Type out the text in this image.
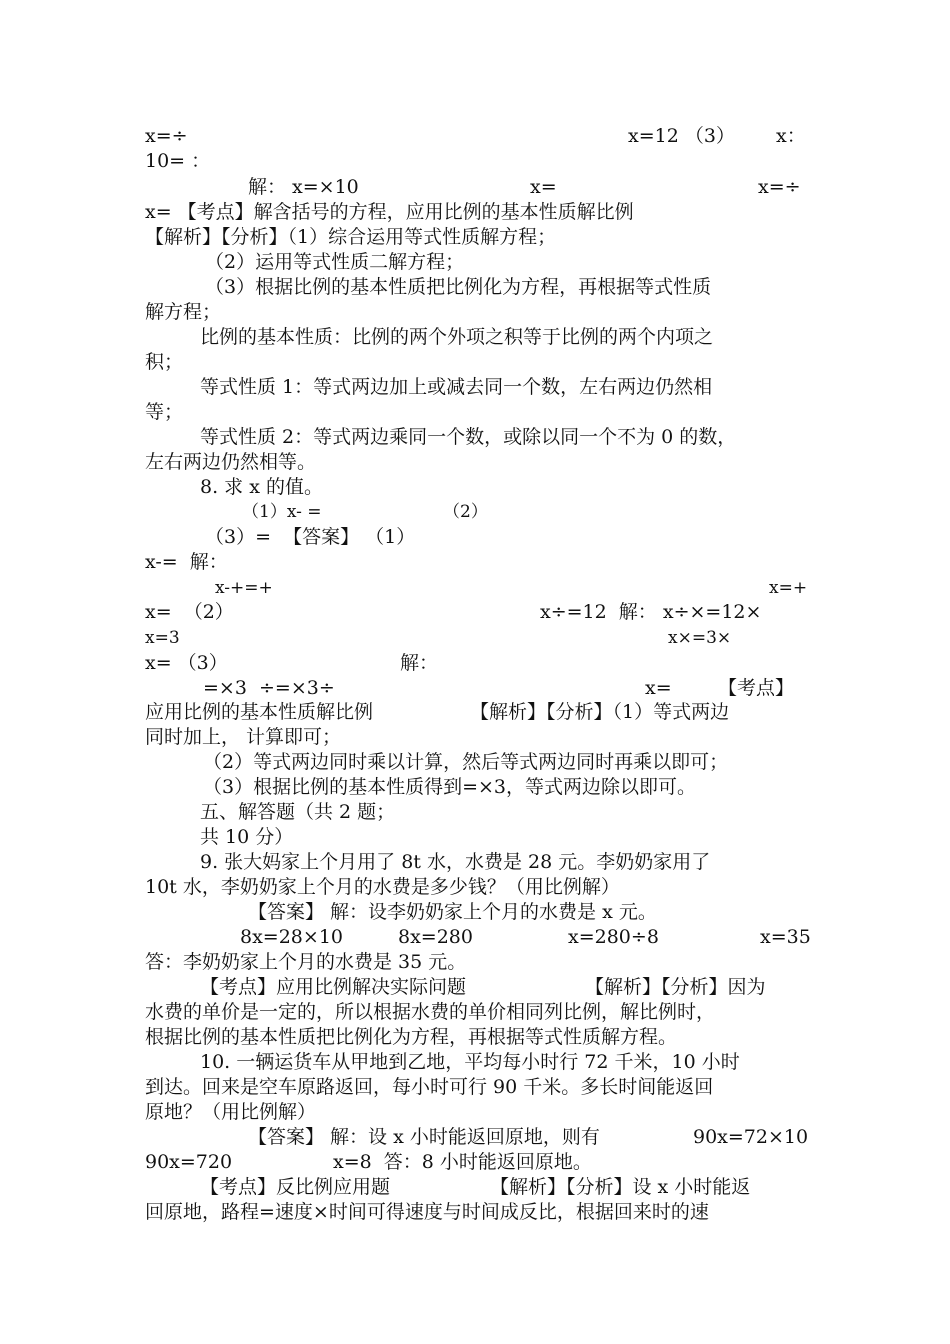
x=÷	x=12 （3） x：
10= ：
解： x=×10	x=	x=÷
x= 【考点】解含括号的方程，应用比例的基本性质解比例
【解析】【分析】（1）综合运用等式性质解方程；
（2）运用等式性质二解方程；
（3）根据比例的基本性质把比例化为方程，再根据等式性质
解方程；
比例的基本性质：比例的两个外项之积等于比例的两个内项之
积；
等式性质 1：等式两边加上或减去同一个数，左右两边仍然相
等；
等式性质 2：等式两边乘同一个数，或除以同一个不为 0 的数，
左右两边仍然相等。
8. 求 x 的值。
（1）x- =	（2）
（3）=  【答案】 （1）
x-=  解：
x-+=+	x=+
x=  （2）	x÷=12  解： x÷×=12×
x=3	x×=3×
x= （3）	解：
=×3  ÷=×3÷	x= 【考点】
应用比例的基本性质解比例	【解析】【分析】（1）等式两边
同时加上， 计算即可；
（2）等式两边同时乘以计算，然后等式两边同时再乘以即可；
（3）根据比例的基本性质得到=×3，等式两边除以即可。
五、解答题（共 2 题；
共 10 分）
9. 张大妈家上个月用了 8t 水，水费是 28 元。李奶奶家用了
10t 水，李奶奶家上个月的水费是多少钱？（用比例解）
【答案】 解：设李奶奶家上个月的水费是 x 元。
8x=28×10	8x=280	x=280÷8	x=35
答：李奶奶家上个月的水费是 35 元。
【考点】应用比例解决实际问题	【解析】【分析】因为
水费的单价是一定的，所以根据水费的单价相同列比例，解比例时，
根据比例的基本性质把比例化为方程，再根据等式性质解方程。
10. 一辆运货车从甲地到乙地，平均每小时行 72 千米，10 小时
到达。回来是空车原路返回，每小时可行 90 千米。多长时间能返回
原地？（用比例解）
【答案】 解：设 x 小时能返回原地，则有	90x=72×10
90x=720	x=8  答：8 小时能返回原地。
【考点】反比例应用题	【解析】【分析】设 x 小时能返
回原地，路程=速度×时间可得速度与时间成反比，根据回来时的速
